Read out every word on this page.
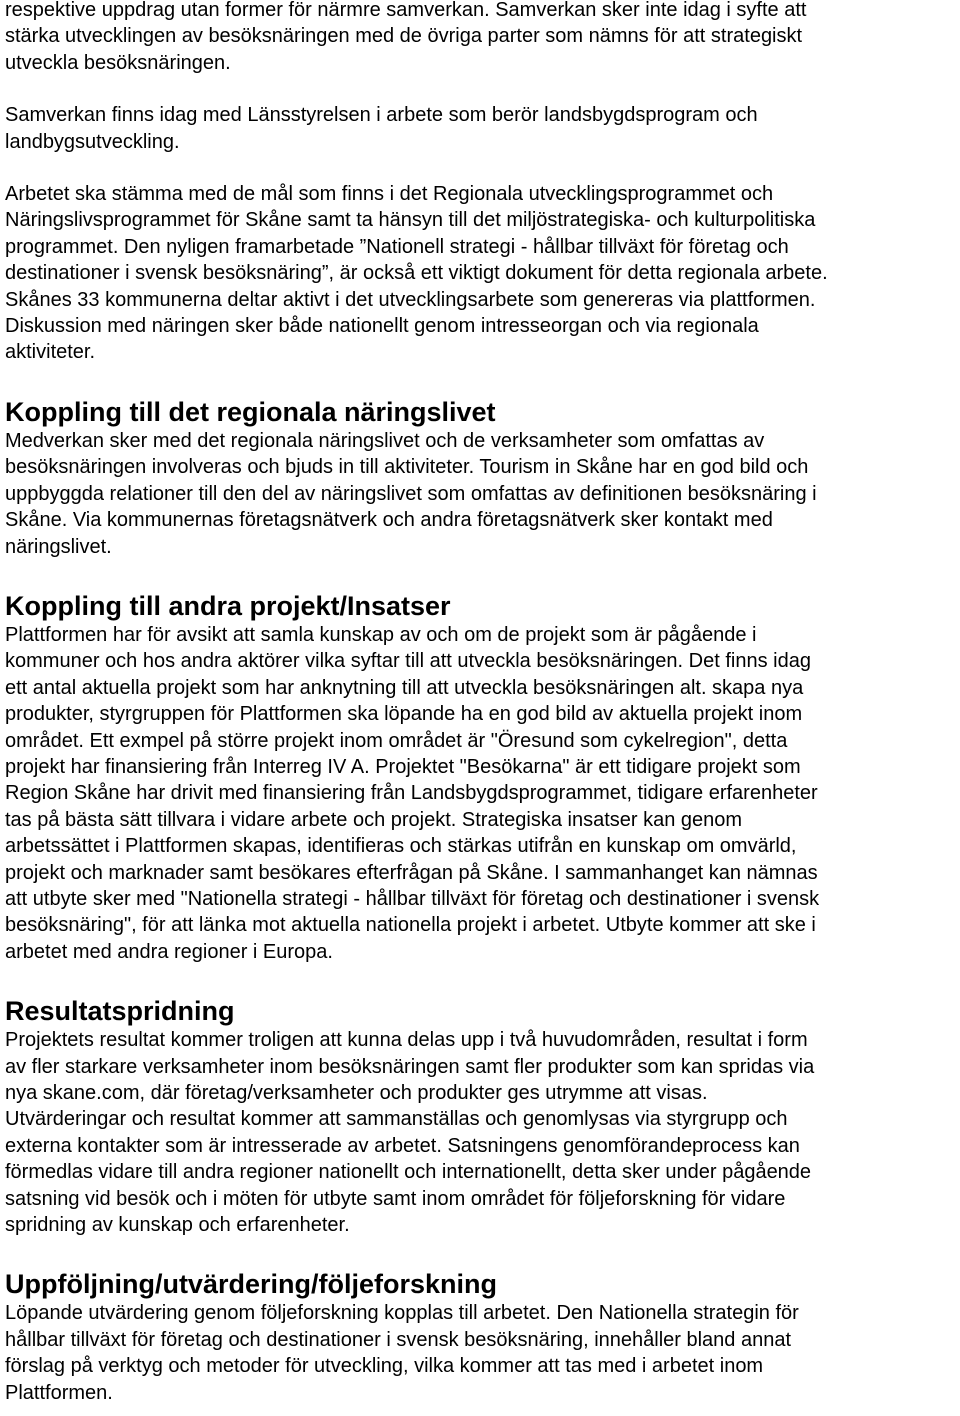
respektive uppdrag utan former för närmre samverkan. Samverkan sker inte idag i syfte att
stärka utvecklingen av besöksnäringen med de övriga parter som nämns för att strategiskt
utveckla besöksnäringen.

Samverkan finns idag med Länsstyrelsen i arbete som berör landsbygdsprogram och
landbygsutveckling.

Arbetet ska stämma med de mål som finns i det Regionala utvecklingsprogrammet och
Näringslivsprogrammet för Skåne samt ta hänsyn till det miljöstrategiska- och kulturpolitiska
programmet. Den nyligen framarbetade ”Nationell strategi - hållbar tillväxt för företag och
destinationer i svensk besöksnäring”, är också ett viktigt dokument för detta regionala arbete.
Skånes 33 kommunerna deltar aktivt i det utvecklingsarbete som genereras via plattformen.
Diskussion med näringen sker både nationellt genom intresseorgan och via regionala
aktiviteter.

Koppling till det regionala näringslivet

Medverkan sker med det regionala näringslivet och de verksamheter som omfattas av
besöksnäringen involveras och bjuds in till aktiviteter. Tourism in Skåne har en god bild och
uppbyggda relationer till den del av näringslivet som omfattas av definitionen besöksnäring i
Skåne. Via kommunernas företagsnätverk och andra företagsnätverk sker kontakt med
näringslivet.

Koppling till andra projekt/Insatser

Plattformen har för avsikt att samla kunskap av och om de projekt som är pågående i
kommuner och hos andra aktörer vilka syftar till att utveckla besöksnäringen. Det finns idag
ett antal aktuella projekt som har anknytning till att utveckla besöksnäringen alt. skapa nya
produkter, styrgruppen för Plattformen ska löpande ha en god bild av aktuella projekt inom
området. Ett exmpel på större projekt inom området är "Öresund som cykelregion", detta
projekt har finansiering från Interreg IV A. Projektet "Besökarna" är ett tidigare projekt som
Region Skåne har drivit med finansiering från Landsbygdsprogrammet, tidigare erfarenheter
tas på bästa sätt tillvara i vidare arbete och projekt. Strategiska insatser kan genom
arbetssättet i Plattformen skapas, identifieras och stärkas utifrån en kunskap om omvärld,
projekt och marknader samt besökares efterfrågan på Skåne. I sammanhanget kan nämnas
att utbyte sker med "Nationella strategi - hållbar tillväxt för företag och destinationer i svensk
besöksnäring", för att länka mot aktuella nationella projekt i arbetet. Utbyte kommer att ske i
arbetet med andra regioner i Europa.

Resultatspridning

Projektets resultat kommer troligen att kunna delas upp i två huvudområden, resultat i form
av fler starkare verksamheter inom besöksnäringen samt fler produkter som kan spridas via
nya skane.com, där företag/verksamheter och produkter ges utrymme att visas.
Utvärderingar och resultat kommer att sammanställas och genomlysas via styrgrupp och
externa kontakter som är intresserade av arbetet. Satsningens genomförandeprocess kan
förmedlas vidare till andra regioner nationellt och internationellt, detta sker under pågående
satsning vid besök och i möten för utbyte samt inom området för följeforskning för vidare
spridning av kunskap och erfarenheter.

Uppföljning/utvärdering/följeforskning

Löpande utvärdering genom följeforskning kopplas till arbetet. Den Nationella strategin för
hållbar tillväxt för företag och destinationer i svensk besöksnäring, innehåller bland annat
förslag på verktyg och metoder för utveckling, vilka kommer att tas med i arbetet inom
Plattformen.
